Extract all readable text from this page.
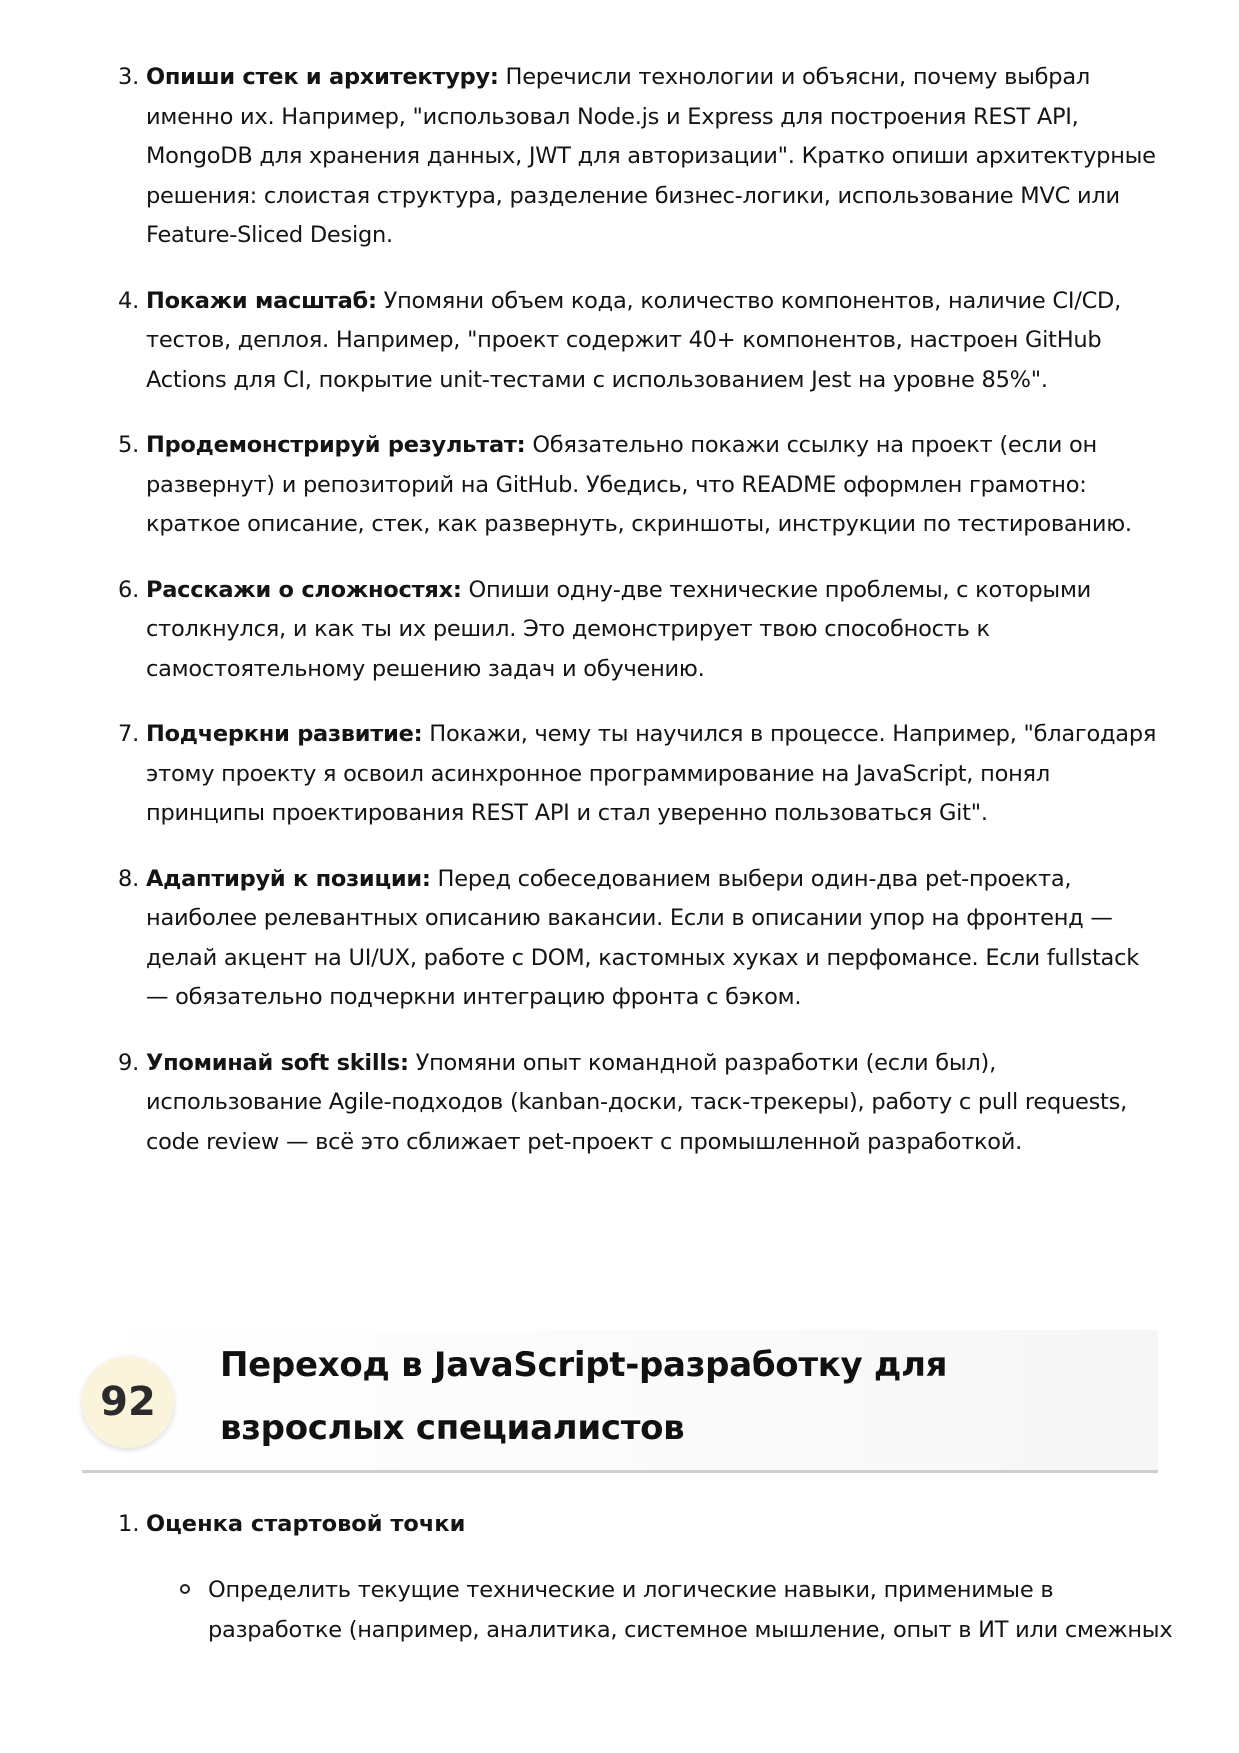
3. Опиши стек и архитектуру: Перечисли технологии и объясни, почему выбрал именно их. Например, "использовал Node.js и Express для построения REST API, MongoDB для хранения данных, JWT для авторизации". Кратко опиши архитектурные решения: слоистая структура, разделение бизнес-логики, использование MVC или Feature-Sliced Design.
4. Покажи масштаб: Упомяни объем кода, количество компонентов, наличие CI/CD, тестов, деплоя. Например, "проект содержит 40+ компонентов, настроен GitHub Actions для CI, покрытие unit-тестами с использованием Jest на уровне 85%".
5. Продемонстрируй результат: Обязательно покажи ссылку на проект (если он развернут) и репозиторий на GitHub. Убедись, что README оформлен грамотно: краткое описание, стек, как развернуть, скриншоты, инструкции по тестированию.
6. Расскажи о сложностях: Опиши одну-две технические проблемы, с которыми столкнулся, и как ты их решил. Это демонстрирует твою способность к самостоятельному решению задач и обучению.
7. Подчеркни развитие: Покажи, чему ты научился в процессе. Например, "благодаря этому проекту я освоил асинхронное программирование на JavaScript, понял принципы проектирования REST API и стал уверенно пользоваться Git".
8. Адаптируй к позиции: Перед собеседованием выбери один-два pet-проекта, наиболее релевантных описанию вакансии. Если в описании упор на фронтенд — делай акцент на UI/UX, работе с DOM, кастомных хуках и перфомансе. Если fullstack — обязательно подчеркни интеграцию фронта с бэком.
9. Упоминай soft skills: Упомяни опыт командной разработки (если был), использование Agile-подходов (kanban-доски, таск-трекеры), работу с pull requests, code review — всё это сближает pet-проект с промышленной разработкой.
92
Переход в JavaScript-разработку для взрослых специалистов
1. Оценка стартовой точки
Определить текущие технические и логические навыки, применимые в разработке (например, аналитика, системное мышление, опыт в ИТ или смежных
